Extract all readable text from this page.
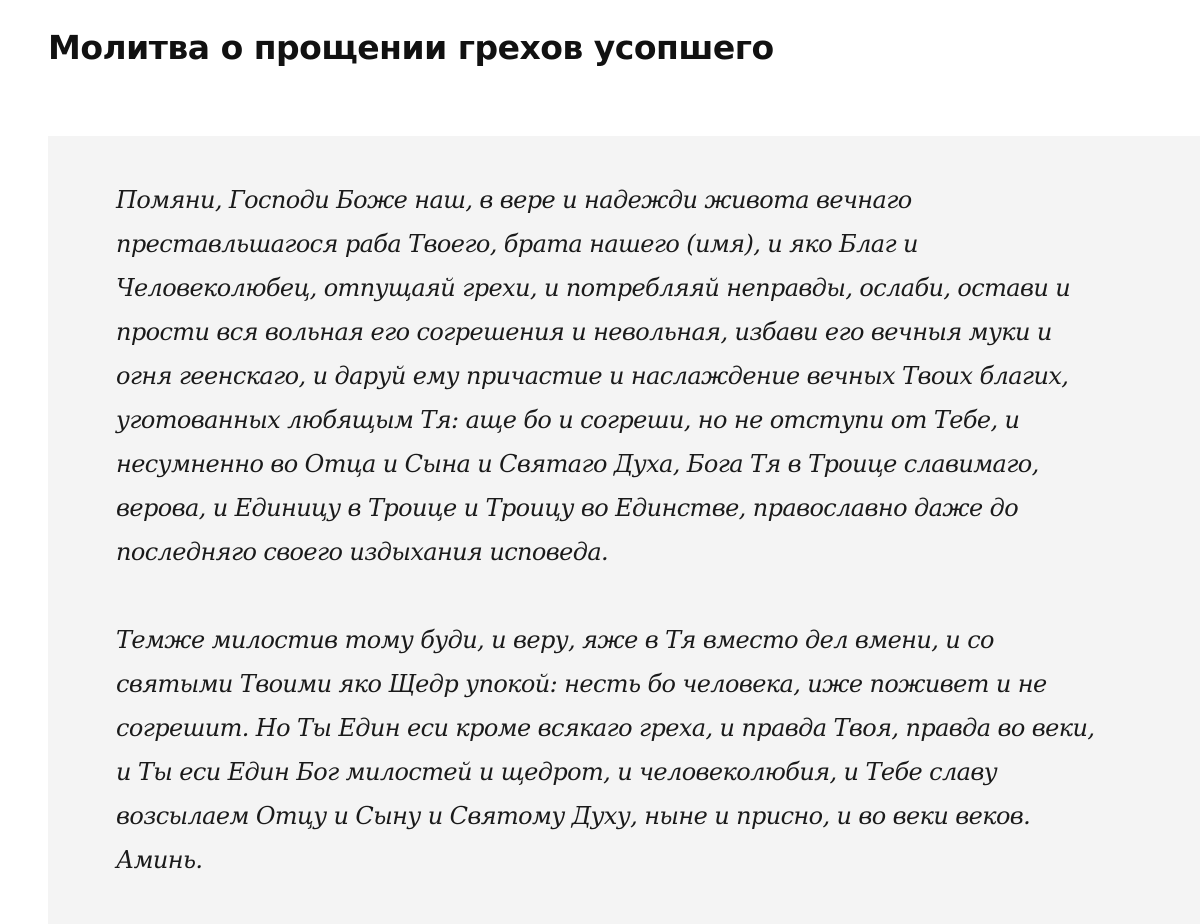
Молитва о прощении грехов усопшего

Помяни, Господи Боже наш, в вере и надежди живота вечнаго
преставльшагося раба Твоего, брата нашего (имя), и яко Благ и
Человеколюбец, отпущаяй грехи, и потребляяй неправды, ослаби, остави и
прости вся вольная его согрешения и невольная, избави его вечныя муки и
огня геенскаго, и даруй ему причастие и наслаждение вечных Твоих благих,
уготованных любящым Тя: аще бо и согреши, но не отступи от Тебе, и
несумненно во Отца и Сына и Святаго Духа, Бога Тя в Троице славимаго,
верова, и Единицу в Троице и Троицу во Единстве, православно даже до
последняго своего издыхания исповеда.

Темже милостив тому буди, и веру, яже в Тя вместо дел вмени, и со
святыми Твоими яко Щедр упокой: несть бо человека, иже поживет и не
согрешит. Но Ты Един еси кроме всякаго греха, и правда Твоя, правда во веки,
и Ты еси Един Бог милостей и щедрот, и человеколюбия, и Тебе славу
возсылаем Отцу и Сыну и Святому Духу, ныне и присно, и во веки веков.
Аминь.
